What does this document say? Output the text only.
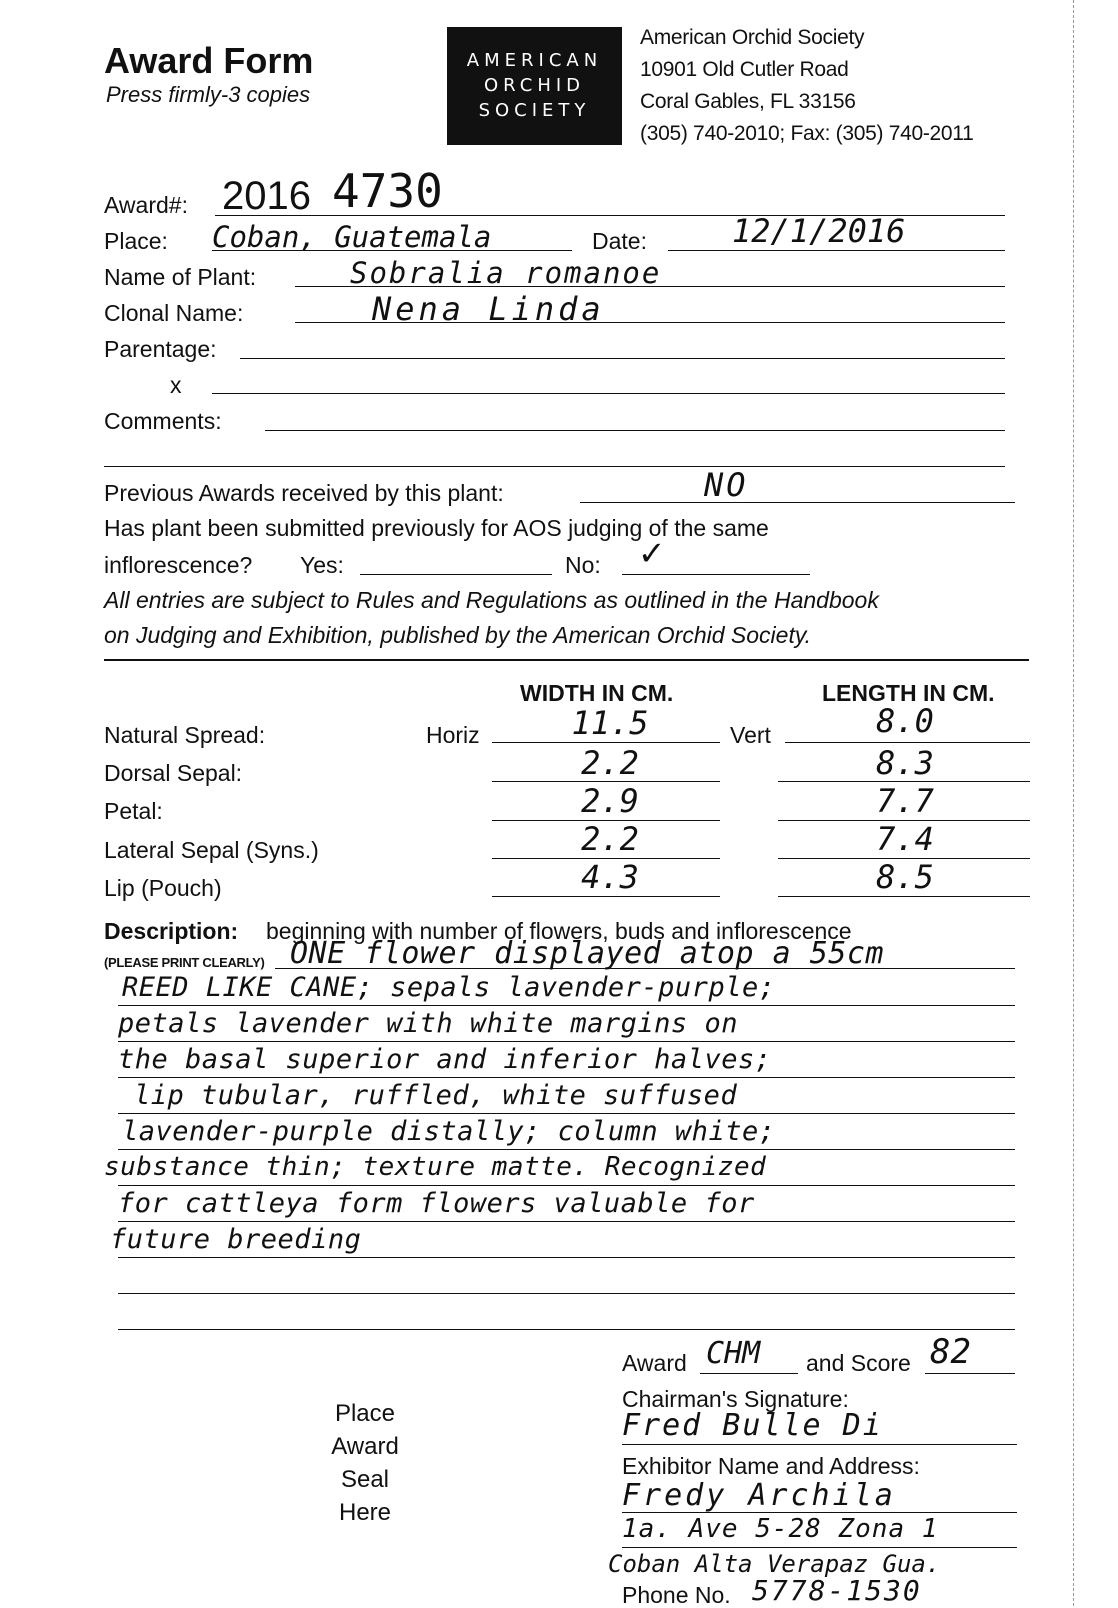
Award Form
Press firmly-3 copies
AMERICAN
ORCHID
SOCIETY
American Orchid Society
10901 Old Cutler Road
Coral Gables, FL 33156
(305) 740-2010; Fax: (305) 740-2011
Award#: 2016 4730
Place: Coban, Guatemala	Date:	12/1/2016
Name of Plant:	Sobralia romanoe
Clonal Name:	Nena Linda
Parentage:
x
Comments:
Previous Awards received by this plant:	NO
Has plant been submitted previously for AOS judging of the same
inflorescence? Yes:	No: ✓
All entries are subject to Rules and Regulations as outlined in the Handbook
on Judging and Exhibition, published by the American Orchid Society.
WIDTH IN CM.	LENGTH IN CM.
Natural Spread:	Horiz	11.5	Vert	8.0
Dorsal Sepal:	2.2	8.3
Petal:	2.9	7.7
Lateral Sepal (Syns.)	2.2	7.4
Lip (Pouch)	4.3	8.5
Description: beginning with number of flowers, buds and inflorescence
(PLEASE PRINT CLEARLY) ONE flower displayed atop a 55cm
REED LIKE CANE; sepals lavender-purple;
petals lavender with white margins on
the basal superior and inferior halves;
lip tubular, ruffled, white suffused
lavender-purple distally; column white;
substance thin; texture matte. Recognized
for cattleya form flowers valuable for
future breeding
Place
Award
Seal
Here
Award CHM and Score 82
Chairman's Signature:
Fred Bulle Di
Exhibitor Name and Address:
Fredy Archila
1a. Ave 5-28 Zona 1
Coban Alta Verapaz Gua.
Phone No. 5778-1530
